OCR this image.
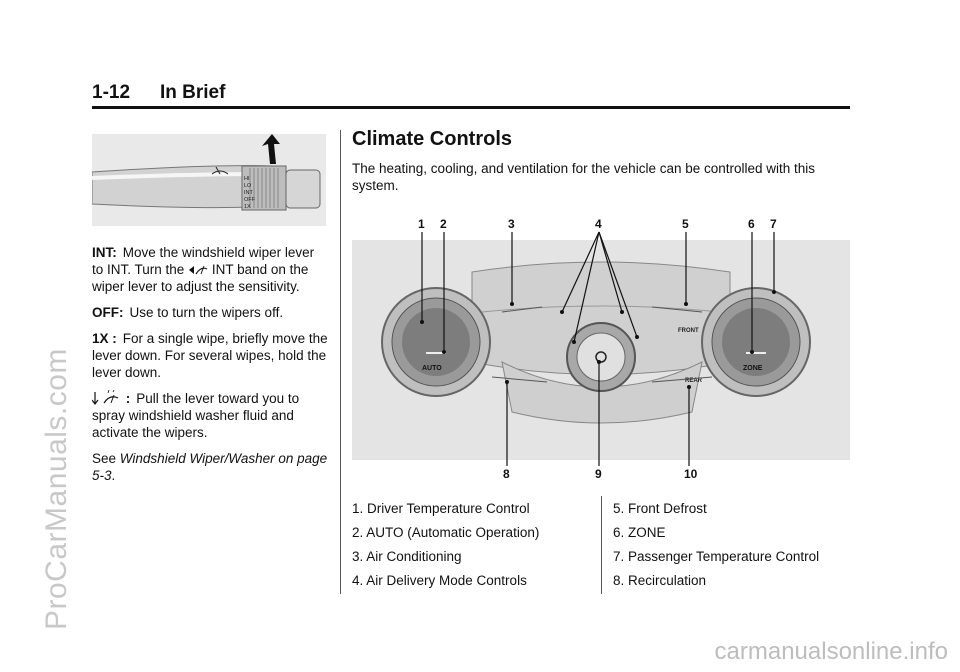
1-12 In Brief
ProCarManuals.com
carmanualsonline.info
HI
LO
INT
OFF
1X

INT: Move the windshield wiper lever to INT. Turn the INT band on the wiper lever to adjust the sensitivity.

OFF: Use to turn the wipers off.

1X : For a single wipe, briefly move the lever down. For several wipes, hold the lever down.

: Pull the lever toward you to spray windshield washer fluid and activate the wipers.

See Windshield Wiper/Washer on page 5-3.

Climate Controls

The heating, cooling, and ventilation for the vehicle can be controlled with this system.

AUTO	ZONE
FRONT
REAR
1 2	3	4	5	6 7
8	9	10
1. Driver Temperature Control
2. AUTO (Automatic Operation)
3. Air Conditioning
4. Air Delivery Mode Controls
5. Front Defrost
6. ZONE
7. Passenger Temperature Control
8. Recirculation
